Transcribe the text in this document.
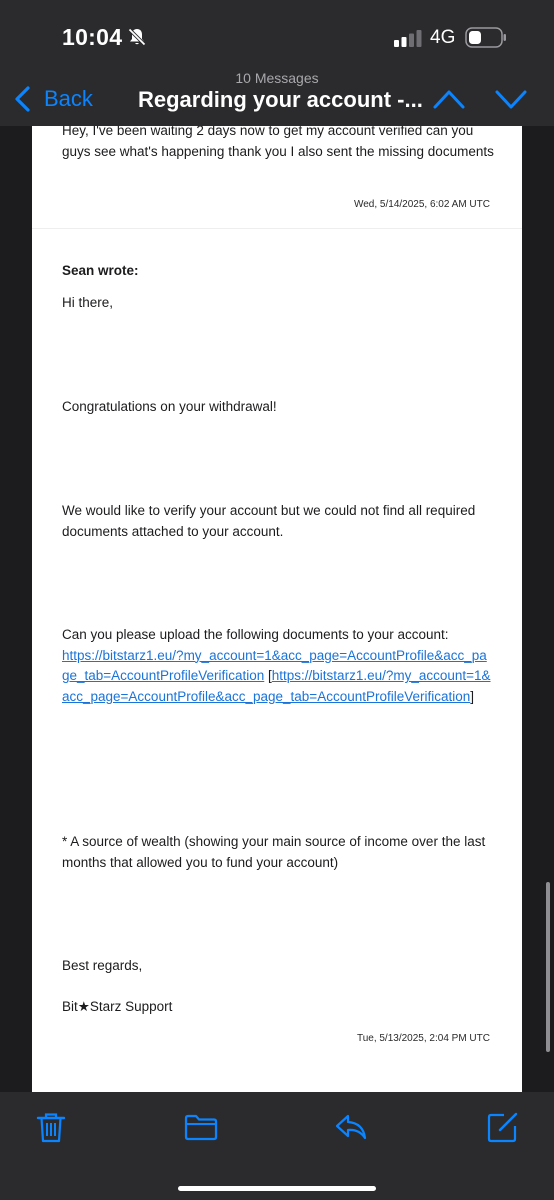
10:04	4G
10 Messages
Back Regarding your account -...

Hey, I've been waiting 2 days now to get my account verified can you guys see what's happening thank you I also sent the missing documents

Wed, 5/14/2025, 6:02 AM UTC

Sean wrote:

Hi there,

Congratulations on your withdrawal!

We would like to verify your account but we could not find all required documents attached to your account.

Can you please upload the following documents to your account:
https://bitstarz1.eu/?my_account=1&acc_page=AccountProfile&acc_page_tab=AccountProfileVerification [https://bitstarz1.eu/?my_account=1&acc_page=AccountProfile&acc_page_tab=AccountProfileVerification]

* A source of wealth (showing your main source of income over the last months that allowed you to fund your account)

Best regards,

Bit★Starz Support

Tue, 5/13/2025, 2:04 PM UTC
